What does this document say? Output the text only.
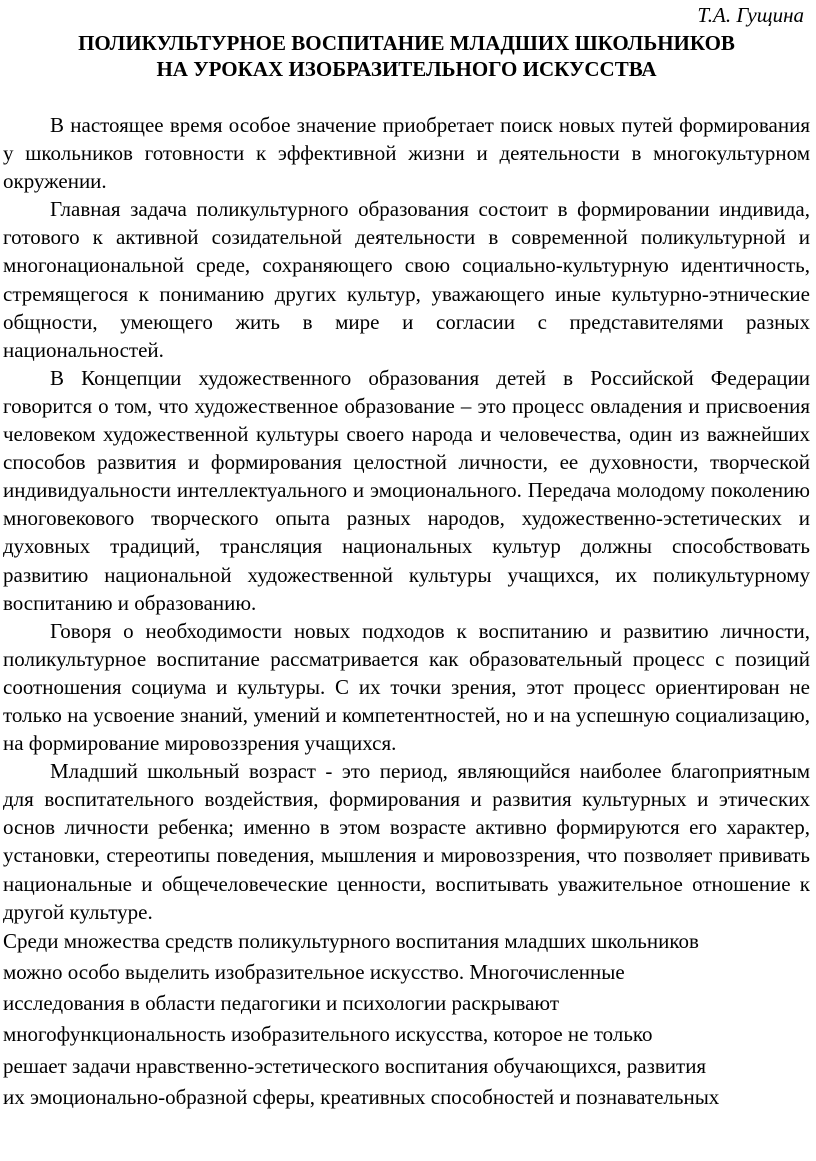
Т.А. Гущина
ПОЛИКУЛЬТУРНОЕ ВОСПИТАНИЕ МЛАДШИХ ШКОЛЬНИКОВ
НА УРОКАХ ИЗОБРАЗИТЕЛЬНОГО ИСКУССТВА

В настоящее время особое значение приобретает поиск новых путей формирования у школьников готовности к эффективной жизни и деятельности в многокультурном окружении.

Главная задача поликультурного образования состоит в формировании индивида, готового к активной созидательной деятельности в современной поликультурной и многонациональной среде, сохраняющего свою социально-культурную идентичность, стремящегося к пониманию других культур, уважающего иные культурно-этнические общности, умеющего жить в мире и согласии с представителями разных национальностей.

В Концепции художественного образования детей в Российской Федерации говорится о том, что художественное образование – это процесс овладения и присвоения человеком художественной культуры своего народа и человечества, один из важнейших способов развития и формирования целостной личности, ее духовности, творческой индивидуальности интеллектуального и эмоционального. Передача молодому поколению многовекового творческого опыта разных народов, художественно-эстетических и духовных традиций, трансляция национальных культур должны способствовать развитию национальной художественной культуры учащихся, их поликультурному воспитанию и образованию.

Говоря о необходимости новых подходов к воспитанию и развитию личности, поликультурное воспитание рассматривается как образовательный процесс с позиций соотношения социума и культуры. С их точки зрения, этот процесс ориентирован не только на усвоение знаний, умений и компетентностей, но и на успешную социализацию, на формирование мировоззрения учащихся.

Младший школьный возраст - это период, являющийся наиболее благоприятным для воспитательного воздействия, формирования и развития культурных и этических основ личности ребенка; именно в этом возрасте активно формируются его характер, установки, стереотипы поведения, мышления и мировоззрения, что позволяет прививать национальные и общечеловеческие ценности, воспитывать уважительное отношение к другой культуре.

Среди множества средств поликультурного воспитания младших школьников
можно особо выделить изобразительное искусство. Многочисленные
исследования в области педагогики и психологии раскрывают
многофункциональность изобразительного искусства, которое не только
решает задачи нравственно-эстетического воспитания обучающихся, развития
их эмоционально-образной сферы, креативных способностей и познавательных
